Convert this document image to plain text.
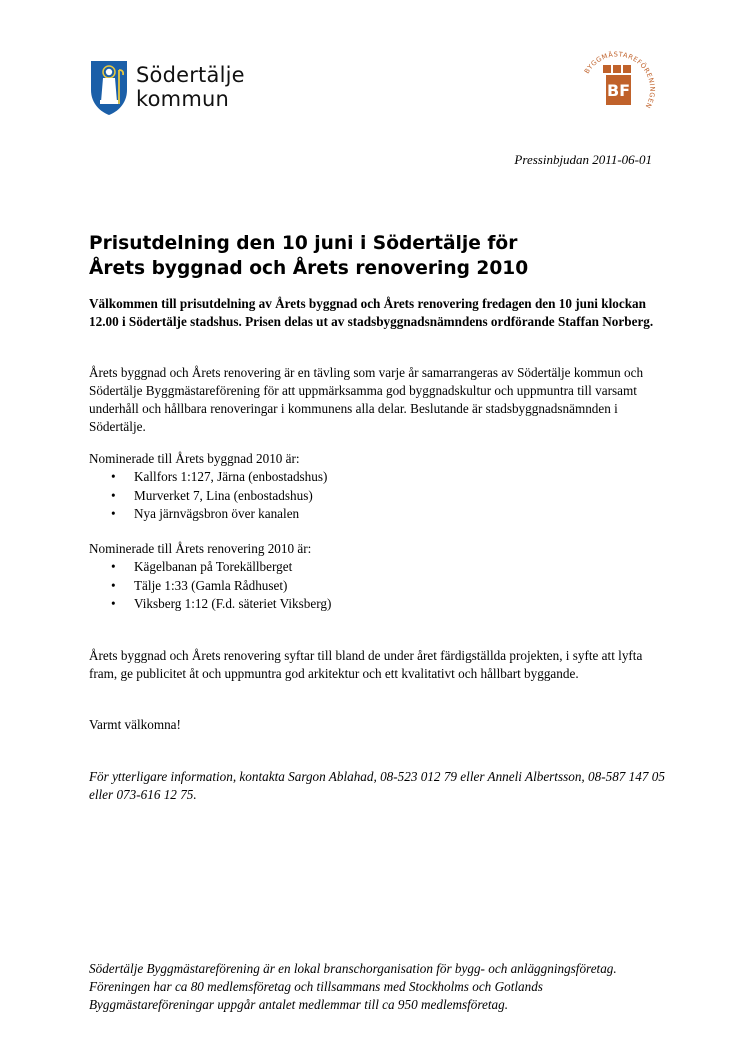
Södertälje
kommun
BYGGMÄSTAREFÖRENINGEN
BF
Pressinbjudan 2011-06-01
Prisutdelning den 10 juni i Södertälje för
Årets byggnad och Årets renovering 2010
Välkommen till prisutdelning av Årets byggnad och Årets renovering fredagen den 10 juni klockan 12.00 i Södertälje stadshus. Prisen delas ut av stadsbyggnadsnämndens ordförande Staffan Norberg.
Årets byggnad och Årets renovering är en tävling som varje år samarrangeras av Södertälje kommun och Södertälje Byggmästareförening för att uppmärksamma god byggnadskultur och uppmuntra till varsamt underhåll och hållbara renoveringar i kommunens alla delar. Beslutande är stadsbyggnadsnämnden i Södertälje.
Nominerade till Årets byggnad 2010 är:
• Kallfors 1:127, Järna (enbostadshus)
• Murverket 7, Lina (enbostadshus)
• Nya järnvägsbron över kanalen
Nominerade till Årets renovering 2010 är:
• Kägelbanan på Torekällberget
• Tälje 1:33 (Gamla Rådhuset)
• Viksberg 1:12 (F.d. säteriet Viksberg)
Årets byggnad och Årets renovering syftar till bland de under året färdigställda projekten, i syfte att lyfta fram, ge publicitet åt och uppmuntra god arkitektur och ett kvalitativt och hållbart byggande.
Varmt välkomna!
För ytterligare information, kontakta Sargon Ablahad, 08-523 012 79 eller Anneli Albertsson, 08-587 147 05 eller 073-616 12 75.
Södertälje Byggmästareförening är en lokal branschorganisation för bygg- och anläggningsföretag. Föreningen har ca 80 medlemsföretag och tillsammans med Stockholms och Gotlands Byggmästareföreningar uppgår antalet medlemmar till ca 950 medlemsföretag.
